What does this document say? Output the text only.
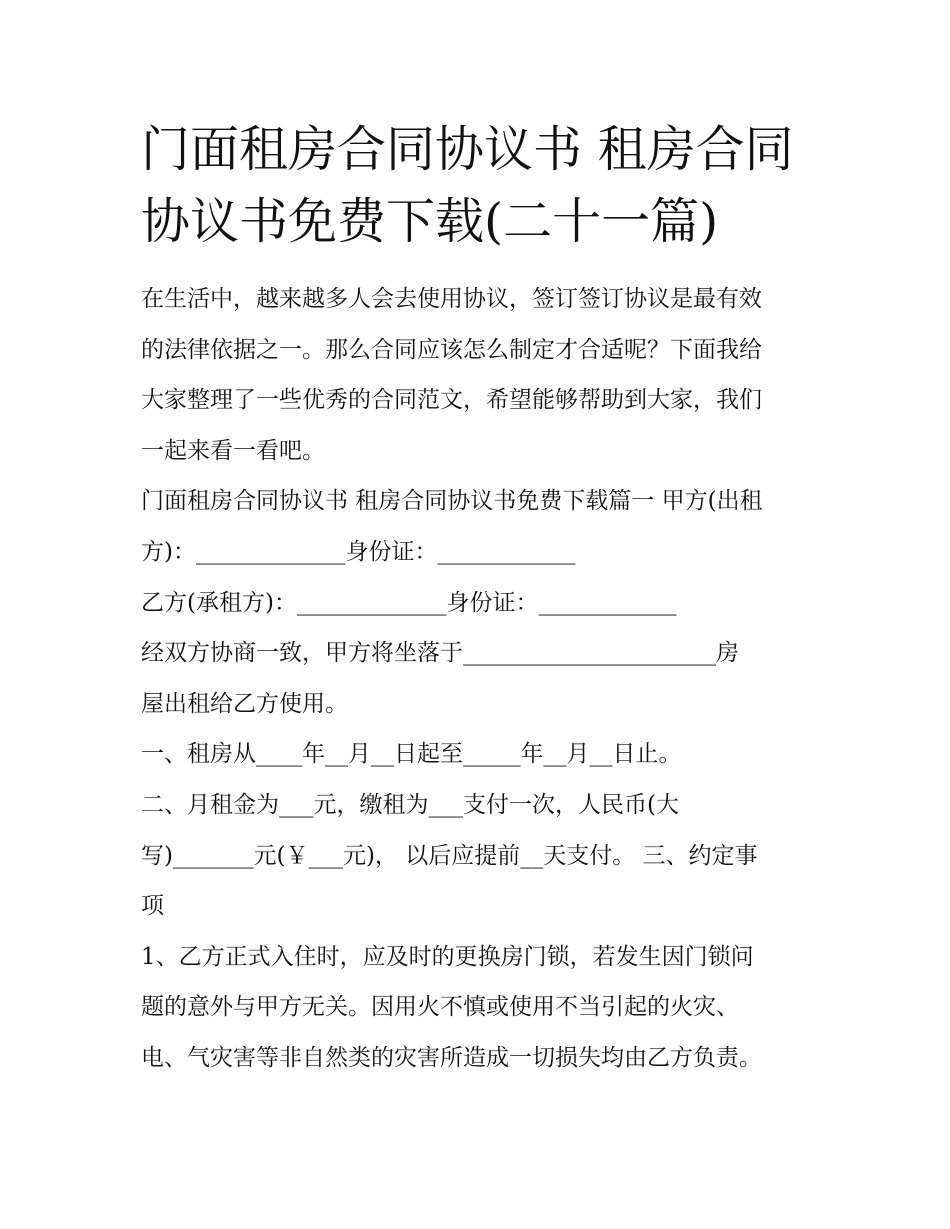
门面租房合同协议书 租房合同
协议书免费下载(二十一篇)

在生活中，越来越多人会去使用协议，签订签订协议是最有效
的法律依据之一。那么合同应该怎么制定才合适呢？下面我给
大家整理了一些优秀的合同范文，希望能够帮助到大家，我们
一起来看一看吧。

门面租房合同协议书 租房合同协议书免费下载篇一 甲方(出租
方)：_____________身份证：____________

乙方(承租方)：_____________身份证：____________

经双方协商一致，甲方将坐落于______________________房
屋出租给乙方使用。

一、租房从____年__月__日起至_____年__月__日止。

二、月租金为___元，缴租为___支付一次，人民币(大
写)_______元(￥___元)， 以后应提前__天支付。 三、约定事
项

1、乙方正式入住时，应及时的更换房门锁，若发生因门锁问
题的意外与甲方无关。因用火不慎或使用不当引起的火灾、
电、气灾害等非自然类的灾害所造成一切损失均由乙方负责。
